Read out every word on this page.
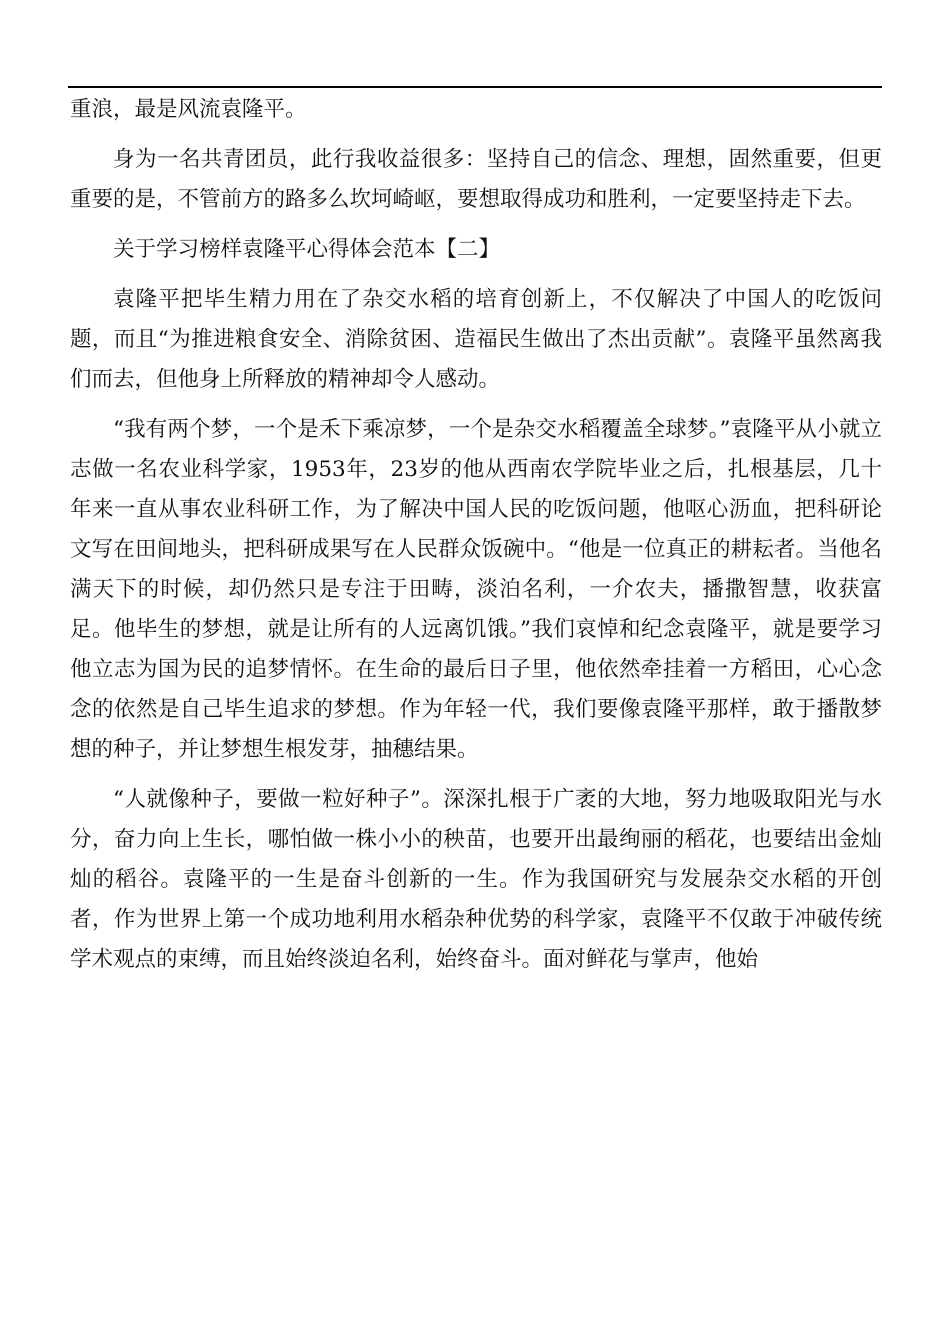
重浪，最是风流袁隆平。

身为一名共青团员，此行我收益很多：坚持自己的信念、理想，固然重要，但更重要的是，不管前方的路多么坎坷崎岖，要想取得成功和胜利，一定要坚持走下去。

关于学习榜样袁隆平心得体会范本【二】

袁隆平把毕生精力用在了杂交水稻的培育创新上，不仅解决了中国人的吃饭问题，而且“为推进粮食安全、消除贫困、造福民生做出了杰出贡献”。袁隆平虽然离我们而去，但他身上所释放的精神却令人感动。

“我有两个梦，一个是禾下乘凉梦，一个是杂交水稻覆盖全球梦。”袁隆平从小就立志做一名农业科学家，1953年，23岁的他从西南农学院毕业之后，扎根基层，几十年来一直从事农业科研工作，为了解决中国人民的吃饭问题，他呕心沥血，把科研论文写在田间地头，把科研成果写在人民群众饭碗中。“他是一位真正的耕耘者。当他名满天下的时候，却仍然只是专注于田畴，淡泊名利，一介农夫，播撒智慧，收获富足。他毕生的梦想，就是让所有的人远离饥饿。”我们哀悼和纪念袁隆平，就是要学习他立志为国为民的追梦情怀。在生命的最后日子里，他依然牵挂着一方稻田，心心念念的依然是自己毕生追求的梦想。作为年轻一代，我们要像袁隆平那样，敢于播散梦想的种子，并让梦想生根发芽，抽穗结果。

“人就像种子，要做一粒好种子”。深深扎根于广袤的大地，努力地吸取阳光与水分，奋力向上生长，哪怕做一株小小的秧苗，也要开出最绚丽的稻花，也要结出金灿灿的稻谷。袁隆平的一生是奋斗创新的一生。作为我国研究与发展杂交水稻的开创者，作为世界上第一个成功地利用水稻杂种优势的科学家，袁隆平不仅敢于冲破传统学术观点的束缚，而且始终淡迫名利，始终奋斗。面对鲜花与掌声，他始
